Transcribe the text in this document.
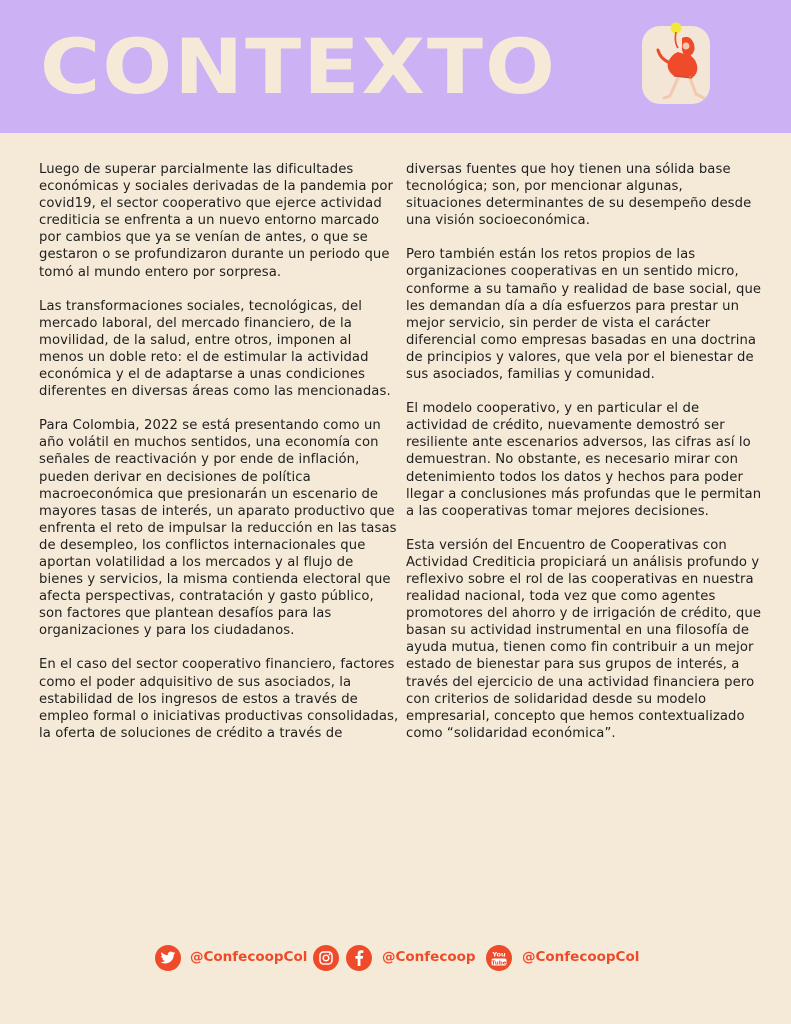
CONTEXTO

Luego de superar parcialmente las dificultades económicas y sociales derivadas de la pandemia por covid19, el sector cooperativo que ejerce actividad crediticia se enfrenta a un nuevo entorno marcado por cambios que ya se venían de antes, o que se gestaron o se profundizaron durante un periodo que tomó al mundo entero por sorpresa.

Las transformaciones sociales, tecnológicas, del mercado laboral, del mercado financiero, de la movilidad, de la salud, entre otros, imponen al menos un doble reto: el de estimular la actividad económica y el de adaptarse a unas condiciones diferentes en diversas áreas como las mencionadas.

Para Colombia, 2022 se está presentando como un año volátil en muchos sentidos, una economía con señales de reactivación y por ende de inflación, pueden derivar en decisiones de política macroeconómica que presionarán un escenario de mayores tasas de interés, un aparato productivo que enfrenta el reto de impulsar la reducción en las tasas de desempleo, los conflictos internacionales que aportan volatilidad a los mercados y al flujo de bienes y servicios, la misma contienda electoral que afecta perspectivas, contratación y gasto público, son factores que plantean desafíos para las organizaciones y para los ciudadanos.

En el caso del sector cooperativo financiero, factores como el poder adquisitivo de sus asociados, la estabilidad de los ingresos de estos a través de empleo formal o iniciativas productivas consolidadas, la oferta de soluciones de crédito a través de

diversas fuentes que hoy tienen una sólida base tecnológica; son, por mencionar algunas, situaciones determinantes de su desempeño desde una visión socioeconómica.

Pero también están los retos propios de las organizaciones cooperativas en un sentido micro, conforme a su tamaño y realidad de base social, que les demandan día a día esfuerzos para prestar un mejor servicio, sin perder de vista el carácter diferencial como empresas basadas en una doctrina de principios y valores, que vela por el bienestar de sus asociados, familias y comunidad.

El modelo cooperativo, y en particular el de actividad de crédito, nuevamente demostró ser resiliente ante escenarios adversos, las cifras así lo demuestran. No obstante, es necesario mirar con detenimiento todos los datos y hechos para poder llegar a conclusiones más profundas que le permitan a las cooperativas tomar mejores decisiones.

Esta versión del Encuentro de Cooperativas con Actividad Crediticia propiciará un análisis profundo y reflexivo sobre el rol de las cooperativas en nuestra realidad nacional, toda vez que como agentes promotores del ahorro y de irrigación de crédito, que basan su actividad instrumental en una filosofía de ayuda mutua, tienen como fin contribuir a un mejor estado de bienestar para sus grupos de interés, a través del ejercicio de una actividad financiera pero con criterios de solidaridad desde su modelo empresarial, concepto que hemos contextualizado como “solidaridad económica”.

@ConfecoopCol	@Confecoop	You
Tube @ConfecoopCol
